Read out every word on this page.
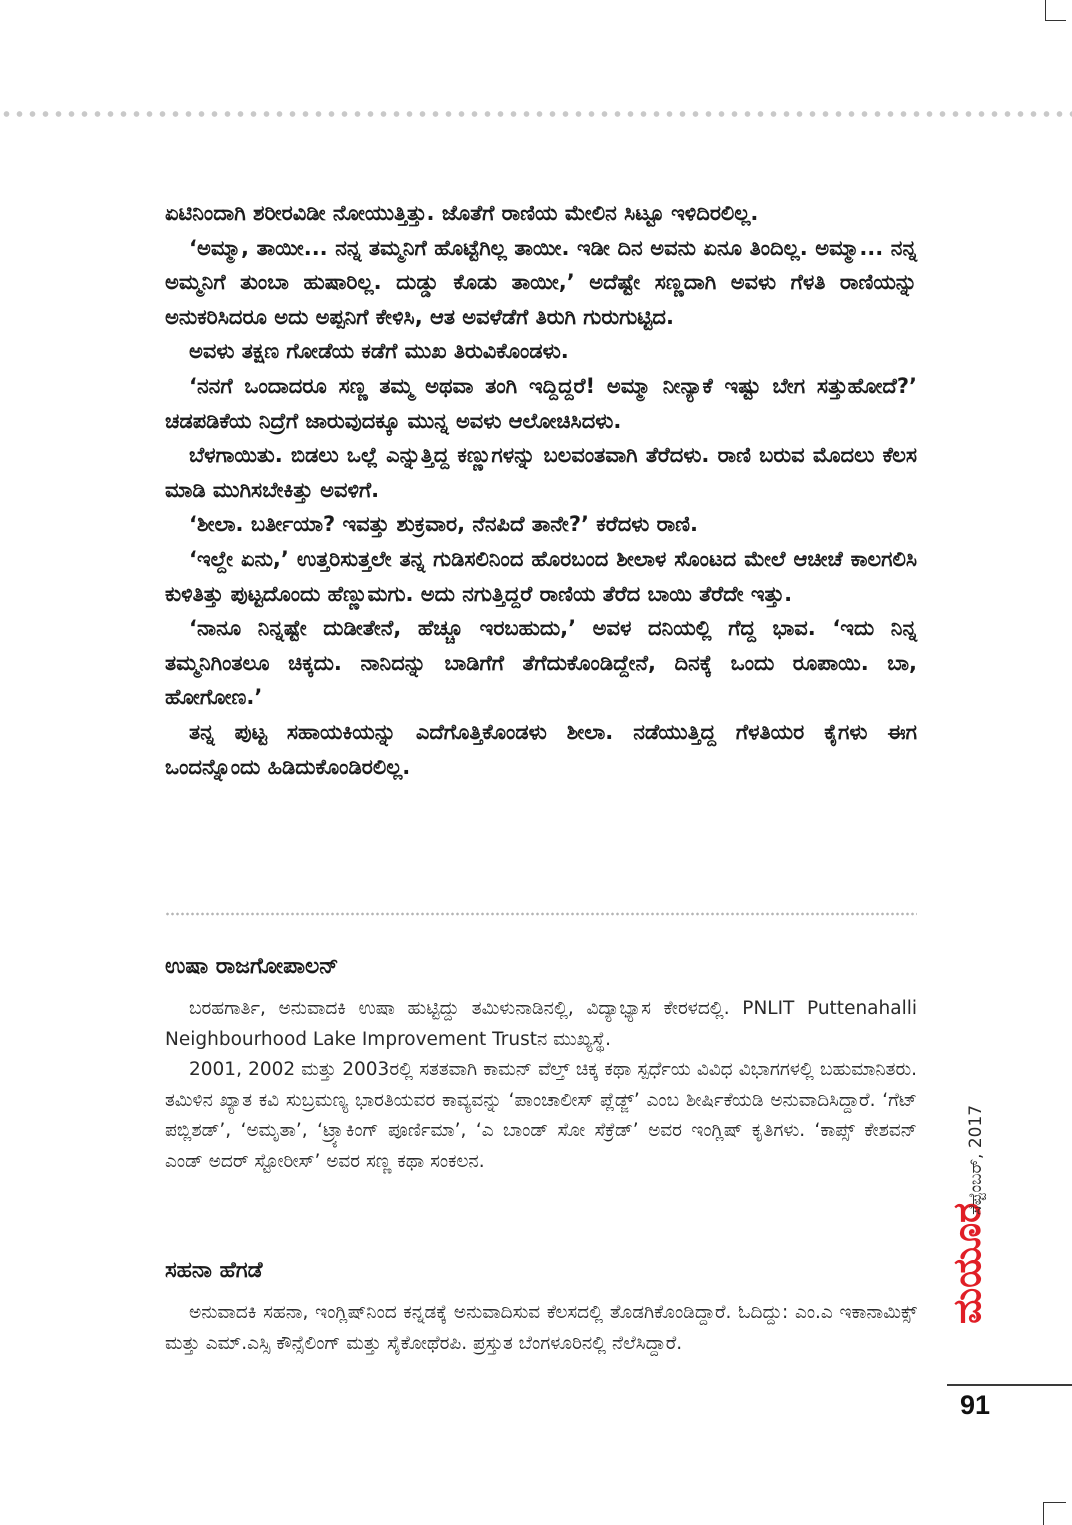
ಏಟಿನಿಂದಾಗಿ ಶರೀರವಿಡೀ ನೋಯುತ್ತಿತ್ತು. ಜೊತೆಗೆ ರಾಣಿಯ ಮೇಲಿನ ಸಿಟ್ಟೂ ಇಳಿದಿರಲಿಲ್ಲ.

‘ಅಮ್ಮಾ, ತಾಯೀ... ನನ್ನ ತಮ್ಮನಿಗೆ ಹೊಟ್ಟೆಗಿಲ್ಲ ತಾಯೀ. ಇಡೀ ದಿನ ಅವನು ಏನೂ ತಿಂದಿಲ್ಲ. ಅಮ್ಮಾ... ನನ್ನ ಅಮ್ಮನಿಗೆ ತುಂಬಾ ಹುಷಾರಿಲ್ಲ. ದುಡ್ಡು ಕೊಡು ತಾಯೀ,’ ಅದೆಷ್ಟೇ ಸಣ್ಣದಾಗಿ ಅವಳು ಗೆಳತಿ ರಾಣಿಯನ್ನು ಅನುಕರಿಸಿದರೂ ಅದು ಅಪ್ಪನಿಗೆ ಕೇಳಿಸಿ, ಆತ ಅವಳೆಡೆಗೆ ತಿರುಗಿ ಗುರುಗುಟ್ಟಿದ.

ಅವಳು ತಕ್ಷಣ ಗೋಡೆಯ ಕಡೆಗೆ ಮುಖ ತಿರುವಿಕೊಂಡಳು.

‘ನನಗೆ ಒಂದಾದರೂ ಸಣ್ಣ ತಮ್ಮ ಅಥವಾ ತಂಗಿ ಇದ್ದಿದ್ದರೆ! ಅಮ್ಮಾ ನೀನ್ಯಾಕೆ ಇಷ್ಟು ಬೇಗ ಸತ್ತುಹೋದೆ?’ ಚಡಪಡಿಕೆಯ ನಿದ್ರೆಗೆ ಜಾರುವುದಕ್ಕೂ ಮುನ್ನ ಅವಳು ಆಲೋಚಿಸಿದಳು.

ಬೆಳಗಾಯಿತು. ಬಿಡಲು ಒಲ್ಲೆ ಎನ್ನುತ್ತಿದ್ದ ಕಣ್ಣುಗಳನ್ನು ಬಲವಂತವಾಗಿ ತೆರೆದಳು. ರಾಣಿ ಬರುವ ಮೊದಲು ಕೆಲಸ ಮಾಡಿ ಮುಗಿಸಬೇಕಿತ್ತು ಅವಳಿಗೆ.

‘ಶೀಲಾ. ಬರ್ತೀಯಾ? ಇವತ್ತು ಶುಕ್ರವಾರ, ನೆನಪಿದೆ ತಾನೇ?’ ಕರೆದಳು ರಾಣಿ.

‘ಇಲ್ದೇ ಏನು,’ ಉತ್ತರಿಸುತ್ತಲೇ ತನ್ನ ಗುಡಿಸಲಿನಿಂದ ಹೊರಬಂದ ಶೀಲಾಳ ಸೊಂಟದ ಮೇಲೆ ಆಚೀಚೆ ಕಾಲಗಲಿಸಿ ಕುಳಿತಿತ್ತು ಪುಟ್ಟದೊಂದು ಹೆಣ್ಣುಮಗು. ಅದು ನಗುತ್ತಿದ್ದರೆ ರಾಣಿಯ ತೆರೆದ ಬಾಯಿ ತೆರೆದೇ ಇತ್ತು.

‘ನಾನೂ ನಿನ್ನಷ್ಟೇ ದುಡೀತೇನೆ, ಹೆಚ್ಚೂ ಇರಬಹುದು,’ ಅವಳ ದನಿಯಲ್ಲಿ ಗೆದ್ದ ಭಾವ. ‘ಇದು ನಿನ್ನ ತಮ್ಮನಿಗಿಂತಲೂ ಚಿಕ್ಕದು. ನಾನಿದನ್ನು ಬಾಡಿಗೆಗೆ ತೆಗೆದುಕೊಂಡಿದ್ದೇನೆ, ದಿನಕ್ಕೆ ಒಂದು ರೂಪಾಯಿ. ಬಾ, ಹೋಗೋಣ.’

ತನ್ನ ಪುಟ್ಟ ಸಹಾಯಕಿಯನ್ನು ಎದೆಗೊತ್ತಿಕೊಂಡಳು ಶೀಲಾ. ನಡೆಯುತ್ತಿದ್ದ ಗೆಳತಿಯರ ಕೈಗಳು ಈಗ ಒಂದನ್ನೊಂದು ಹಿಡಿದುಕೊಂಡಿರಲಿಲ್ಲ.

ಉಷಾ ರಾಜಗೋಪಾಲನ್

ಬರಹಗಾರ್ತಿ, ಅನುವಾದಕಿ ಉಷಾ ಹುಟ್ಟಿದ್ದು ತಮಿಳುನಾಡಿನಲ್ಲಿ, ವಿದ್ಯಾಭ್ಯಾಸ ಕೇರಳದಲ್ಲಿ. PNLIT Puttenahalli Neighbourhood Lake Improvement Trustನ ಮುಖ್ಯಸ್ಥೆ.

2001, 2002 ಮತ್ತು 2003ರಲ್ಲಿ ಸತತವಾಗಿ ಕಾಮನ್ ವೆಲ್ತ್ ಚಿಕ್ಕ ಕಥಾ ಸ್ಪರ್ಧೆಯ ವಿವಿಧ ವಿಭಾಗಗಳಲ್ಲಿ ಬಹುಮಾನಿತರು. ತಮಿಳಿನ ಖ್ಯಾತ ಕವಿ ಸುಬ್ರಮಣ್ಯ ಭಾರತಿಯವರ ಕಾವ್ಯವನ್ನು ‘ಪಾಂಚಾಲೀಸ್ ಪ್ಲೆಡ್ಜ್’ ಎಂಬ ಶೀರ್ಷಿಕೆಯಡಿ ಅನುವಾದಿಸಿದ್ದಾರೆ. ‘ಗೆಟ್ ಪಬ್ಲಿಶಡ್’, ‘ಅಮೃತಾ’, ‘ಟ್ರ್ಯಾಕಿಂಗ್ ಪೂರ್ಣಿಮಾ’, ‘ಎ ಬಾಂಡ್ ಸೋ ಸೆಕ್ರೆಡ್’ ಅವರ ಇಂಗ್ಲಿಷ್ ಕೃತಿಗಳು. ‘ಕಾಪ್ಸ್ ಕೇಶವನ್ ಎಂಡ್ ಅದರ್ ಸ್ಟೋರೀಸ್’ ಅವರ ಸಣ್ಣ ಕಥಾ ಸಂಕಲನ.

ಸಹನಾ ಹೆಗಡೆ

ಅನುವಾದಕಿ ಸಹನಾ, ಇಂಗ್ಲಿಷ್‌ನಿಂದ ಕನ್ನಡಕ್ಕೆ ಅನುವಾದಿಸುವ ಕೆಲಸದಲ್ಲಿ ತೊಡಗಿಕೊಂಡಿದ್ದಾರೆ. ಓದಿದ್ದು: ಎಂ.ಎ ಇಕಾನಾಮಿಕ್ಸ್ ಮತ್ತು ಎಮ್.ಎಸ್ಸಿ ಕೌನ್ಸೆಲಿಂಗ್ ಮತ್ತು ಸೈಕೋಥೆರಪಿ. ಪ್ರಸ್ತುತ ಬೆಂಗಳೂರಿನಲ್ಲಿ ನೆಲೆಸಿದ್ದಾರೆ.

ಮಯೂರ
ಸೆಪ್ಟೆಂಬರ್, 2017
91
